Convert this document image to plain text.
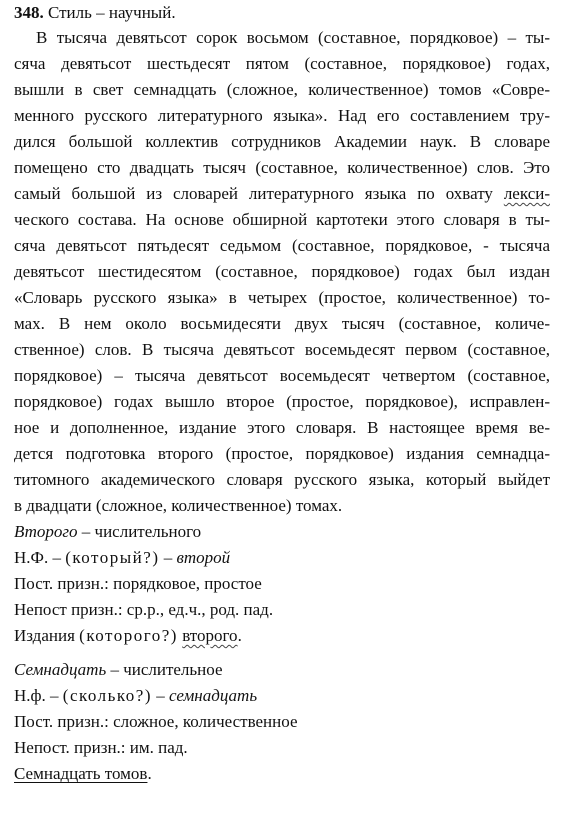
348. Стиль – научный.
В тысяча девятьсот сорок восьмом (составное, порядковое) – ты-
сяча девятьсот шестьдесят пятом (составное, порядковое) годах,
вышли в свет семнадцать (сложное, количественное) томов «Совре-
менного русского литературного языка». Над его составлением тру-
дился большой коллектив сотрудников Академии наук. В словаре
помещено сто двадцать тысяч (составное, количественное) слов. Это
самый большой из словарей литературного языка по охвату лекси-
ческого состава. На основе обширной картотеки этого словаря в ты-
сяча девятьсот пятьдесят седьмом (составное, порядковое, - тысяча
девятьсот шестидесятом (составное, порядковое) годах был издан
«Словарь русского языка» в четырех (простое, количественное) то-
мах. В нем около восьмидесяти двух тысяч (составное, количе-
ственное) слов. В тысяча девятьсот восемьдесят первом (составное,
порядковое) – тысяча девятьсот восемьдесят четвертом (составное,
порядковое) годах вышло второе (простое, порядковое), исправлен-
ное и дополненное, издание этого словаря. В настоящее время ве-
дется подготовка второго (простое, порядковое) издания семнадца-
титомного академического словаря русского языка, который выйдет
в двадцати (сложное, количественное) томах.
Второго – числительного
Н.Ф. – (который?) – второй
Пост. призн.: порядковое, простое
Непост призн.: ср.р., ед.ч., род. пад.
Издания (которого?) второго.
Семнадцать – числительное
Н.ф. – (сколько?) – семнадцать
Пост. призн.: сложное, количественное
Непост. призн.: им. пад.
Семнадцать томов.
